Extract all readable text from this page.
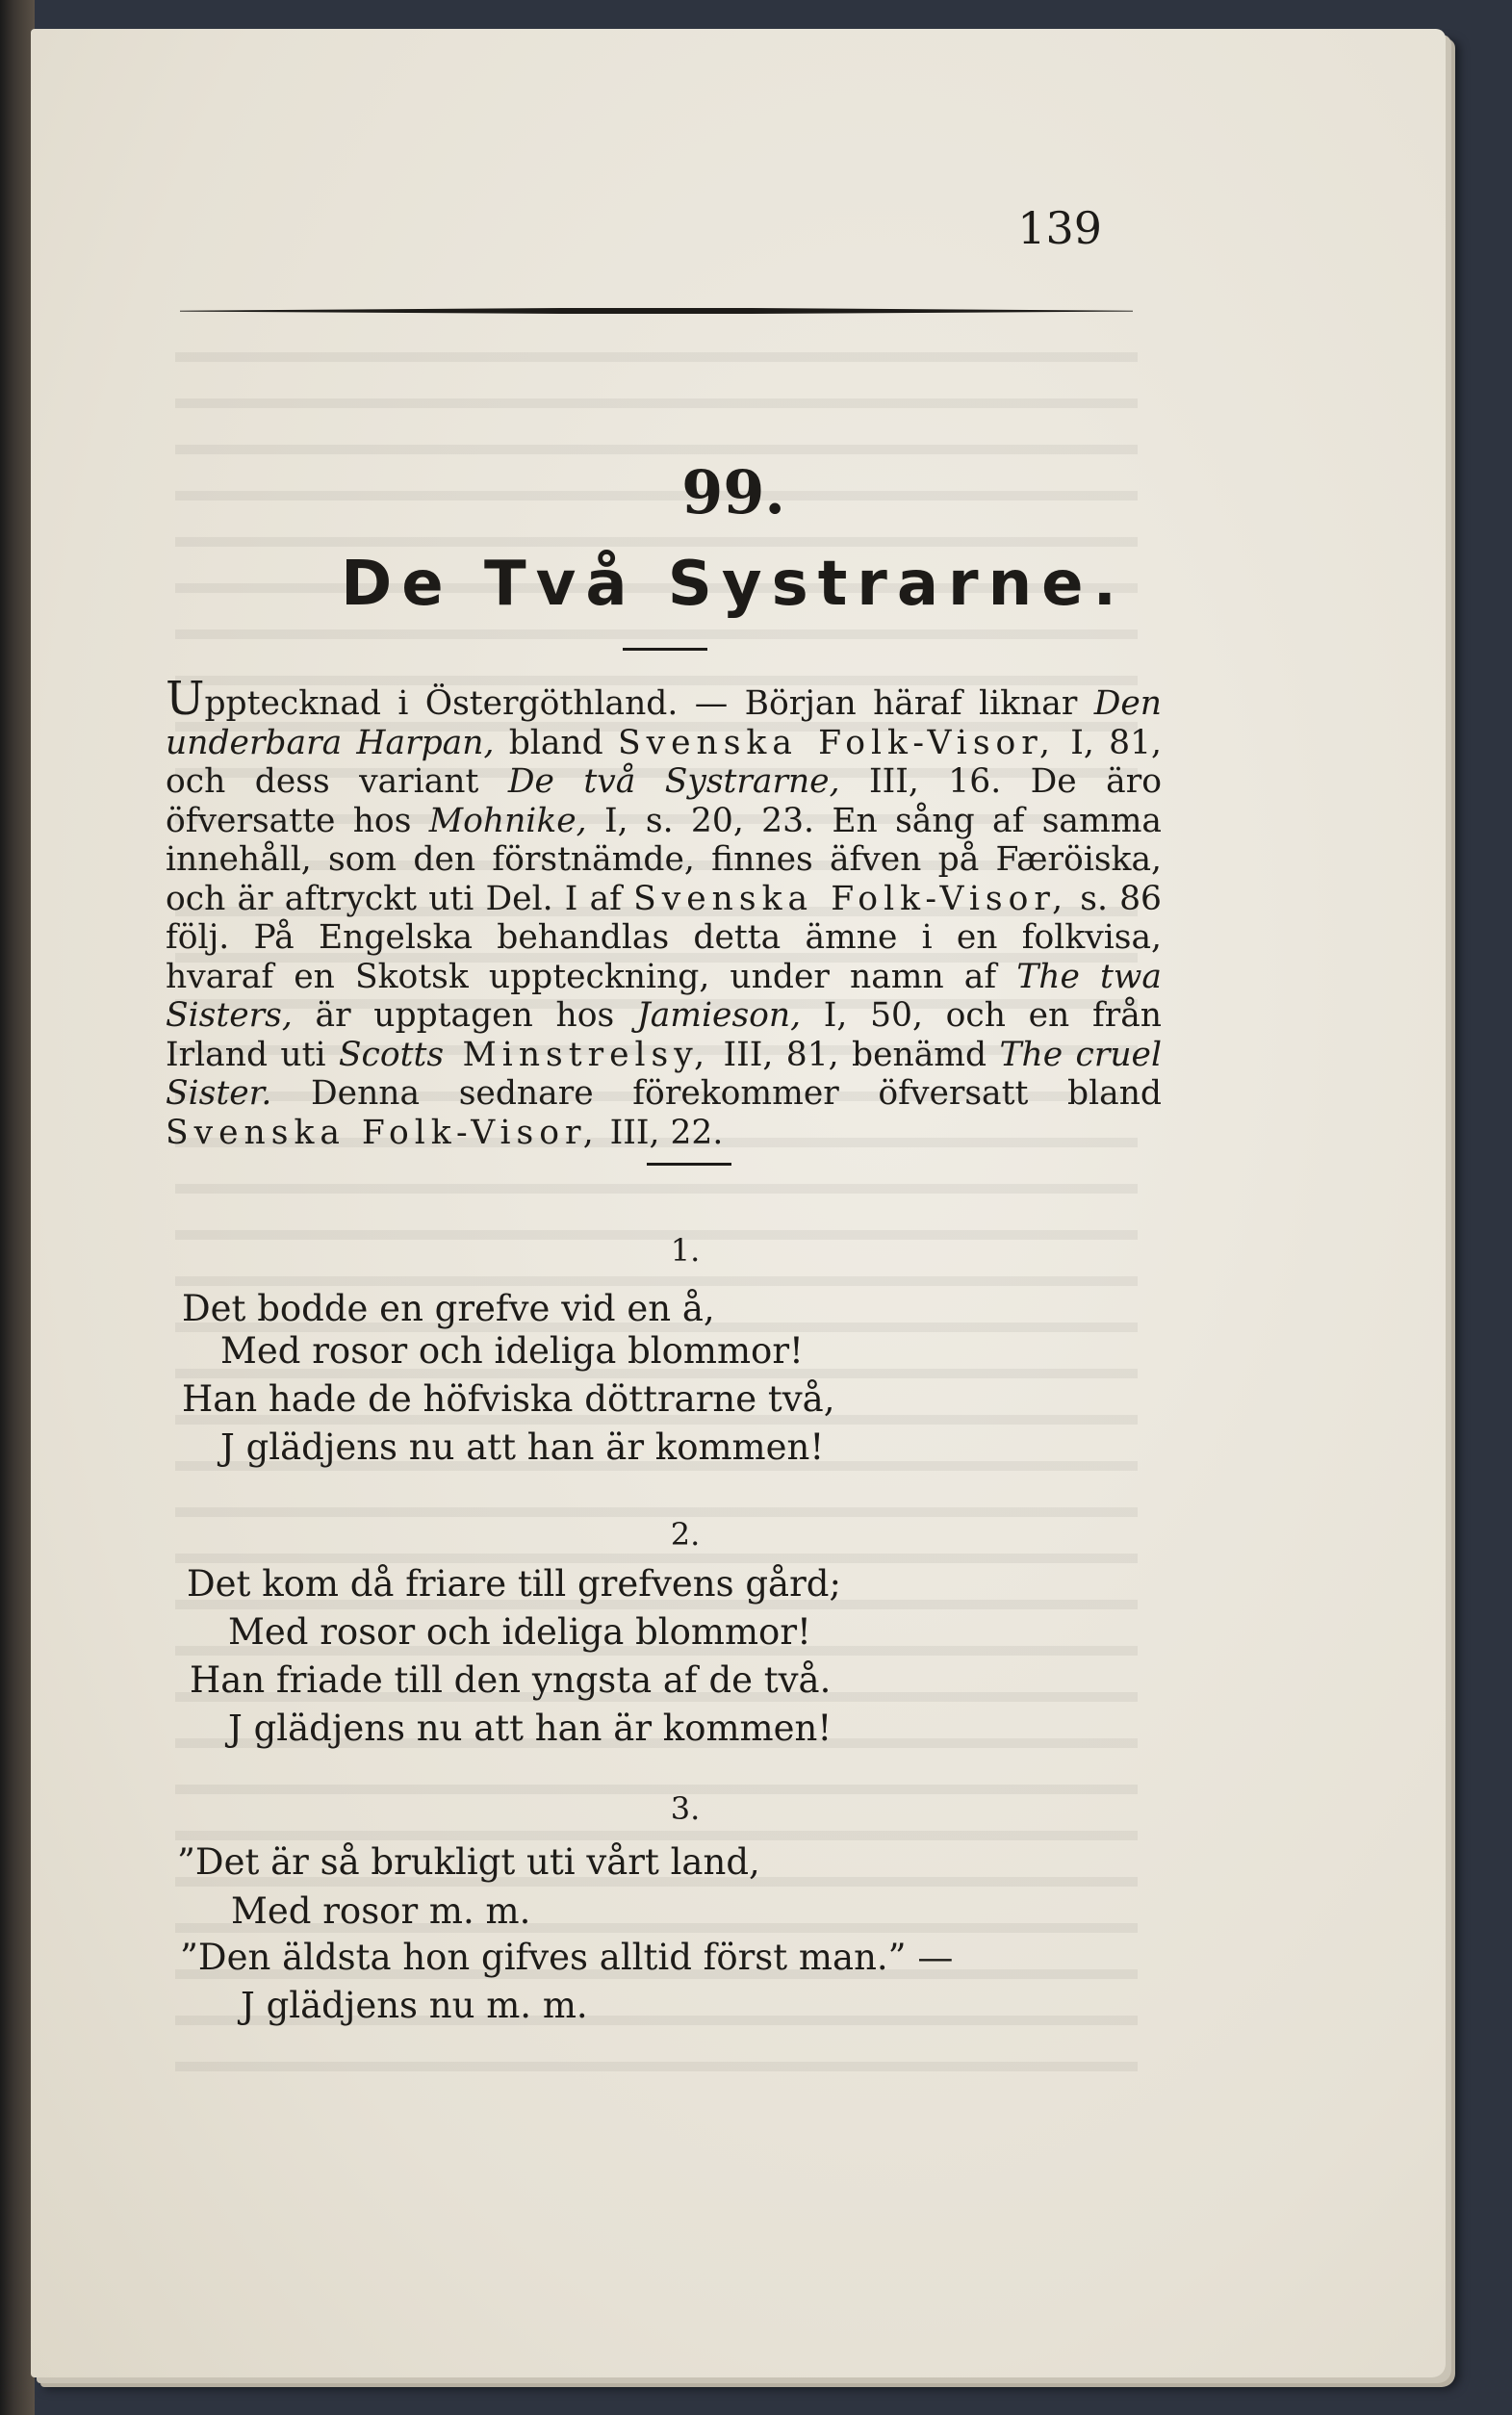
139
99.
De Två Systrarne.

Upptecknad i Östergöthland. — Början häraf liknar Den underbara Harpan, bland Svenska Folk-Visor, I, 81, och dess variant De två Systrarne, III, 16. De äro öfversatte hos Mohnike, I, s. 20, 23. En sång af samma innehåll, som den förstnämde, finnes äfven på Færöiska, och är aftryckt uti Del. I af Svenska Folk-Visor, s. 86 följ. På Engelska behandlas detta ämne i en folkvisa, hvaraf en Skotsk uppteckning, under namn af The twa Sisters, är upptagen hos Jamieson, I, 50, och en från Irland uti Scotts Minstrelsy, III, 81, benämd The cruel Sister. Denna sednare förekommer öfversatt bland Svenska Folk-Visor, III, 22.

1.
Det bodde en grefve vid en å,
Med rosor och ideliga blommor!
Han hade de höfviska döttrarne två,
J glädjens nu att han är kommen!
2.
Det kom då friare till grefvens gård;
Med rosor och ideliga blommor!
Han friade till den yngsta af de två.
J glädjens nu att han är kommen!
3.
”Det är så brukligt uti vårt land,
Med rosor m. m.
”Den äldsta hon gifves alltid först man.” —
J glädjens nu m. m.
